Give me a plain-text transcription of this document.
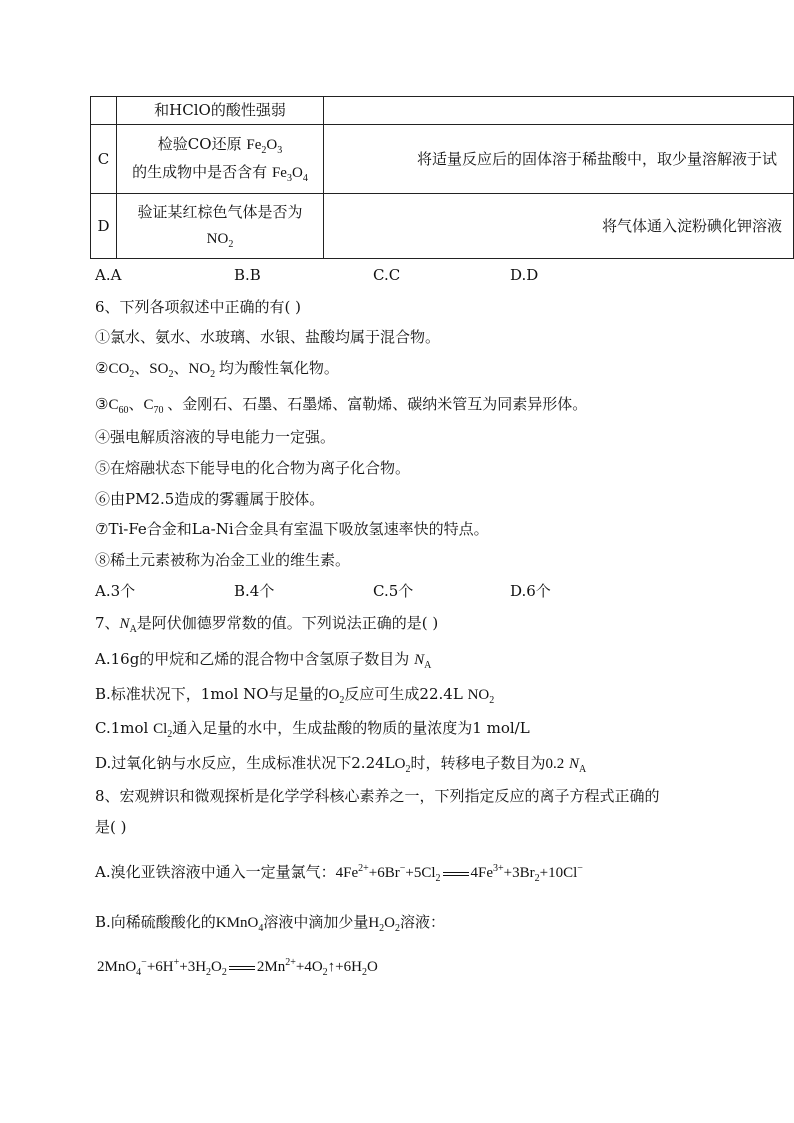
	和HClO的酸性强弱	
C	检验CO还原 $Fe_2O_3$
的生成物中是否含有 $Fe_3O_4$	将适量反应后的固体溶于稀盐酸中，取少量溶解液于试
D	验证某红棕色气体是否为
$NO_2$	将气体通入淀粉碘化钾溶液
A.A	B.B	C.C	D.D
6、下列各项叙述中正确的有( )
①氯水、氨水、水玻璃、水银、盐酸均属于混合物。
$②CO_2$、$SO_2$、$NO_2$ 均为酸性氧化物。
$③C_{60}$、$C_{70}$ 、金刚石、石墨、石墨烯、富勒烯、碳纳米管互为同素异形体。
④强电解质溶液的导电能力一定强。
⑤在熔融状态下能导电的化合物为离子化合物。
⑥由PM2.5造成的雾霾属于胶体。
⑦Ti-Fe合金和La-Ni合金具有室温下吸放氢速率快的特点。
⑧稀土元素被称为冶金工业的维生素。
A.3个	B.4个	C.5个	D.6个
7、$N_A$是阿伏伽德罗常数的值。下列说法正确的是( )
A.16g的甲烷和乙烯的混合物中含氢原子数目为 $N_A$
B.标准状况下，1mol NO与足量的$O_2$反应可生成22.4L $NO_2$
C.1mol $Cl_2$通入足量的水中，生成盐酸的物质的量浓度为1 mol/L
D.过氧化钠与水反应，生成标准状况下$2.24LO_2$时，转移电子数目为0.2 $N_A$
8、宏观辨识和微观探析是化学学科核心素养之一，下列指定反应的离子方程式正确的
是( )
A.溴化亚铁溶液中通入一定量氯气：$4Fe^{2+}+6Br^-+5Cl_2$ $4Fe^{3+}+3Br_2+10Cl^-$
B.向稀硫酸酸化的KMnO$_4$溶液中滴加少量$H_2O_2$溶液：
$2MnO_4^-+6H^++3H_2O_2$ $2Mn^{2+}+4O_2↑+6H_2O$
